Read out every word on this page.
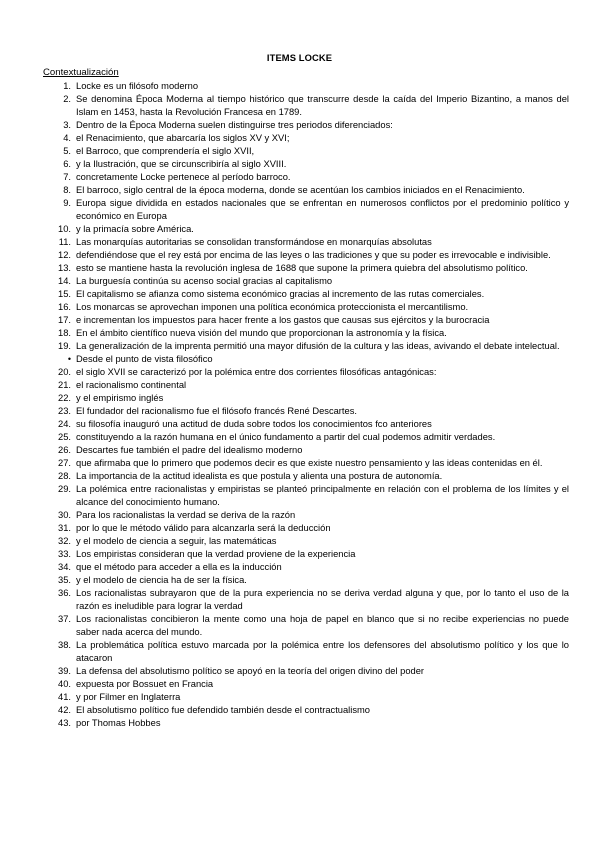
ITEMS LOCKE
Contextualización
1. Locke es un filósofo moderno
2. Se denomina Época Moderna al tiempo histórico que transcurre desde la caída del Imperio Bizantino, a manos del Islam en 1453, hasta la Revolución Francesa en 1789.
3. Dentro de la Época Moderna suelen distinguirse tres periodos diferenciados:
4. el Renacimiento, que abarcaría los siglos XV y XVI;
5. el Barroco, que comprendería el siglo XVII,
6. y la Ilustración, que se circunscribiría al siglo XVIII.
7. concretamente Locke pertenece al período barroco.
8. El barroco, siglo central de la época moderna, donde se acentúan los cambios iniciados en el Renacimiento.
9. Europa sigue dividida en estados nacionales que se enfrentan en numerosos conflictos por el predominio político y económico en Europa
10. y la primacía sobre América.
11. Las monarquías autoritarias se consolidan transformándose en monarquías absolutas
12. defendiéndose que el rey está por encima de las leyes o las tradiciones y que su poder es irrevocable e indivisible.
13. esto se mantiene hasta la revolución inglesa de 1688 que supone la primera quiebra del absolutismo político.
14. La burguesía continúa su acenso social gracias al capitalismo
15. El capitalismo se afianza como sistema económico gracias al incremento de las rutas comerciales.
16. Los monarcas se aprovechan imponen una política económica proteccionista el mercantilismo.
17. e incrementan los impuestos para hacer frente a los gastos que causas sus ejércitos y la burocracia
18. En el ámbito científico nueva visión del mundo que proporcionan la astronomía y la física.
19. La generalización de la imprenta permitió una mayor difusión de la cultura y las ideas, avivando el debate intelectual.
• Desde el punto de vista filosófico
20. el siglo XVII se caracterizó por la polémica entre dos corrientes filosóficas antagónicas:
21. el racionalismo continental
22. y el empirismo inglés
23. El fundador del racionalismo fue el filósofo francés René Descartes.
24. su filosofía inauguró una actitud de duda sobre todos los conocimientos fco anteriores
25. constituyendo a la razón humana en el único fundamento a partir del cual podemos admitir verdades.
26. Descartes fue también el padre del idealismo moderno
27. que afirmaba que lo primero que podemos decir es que existe nuestro pensamiento y las ideas contenidas en él.
28. La importancia de la actitud idealista es que postula y alienta una postura de autonomía.
29. La polémica entre racionalistas y empiristas se planteó principalmente en relación con el problema de los límites y el alcance del conocimiento humano.
30. Para los racionalistas la verdad se deriva de la razón
31. por lo que le método válido para alcanzarla será la deducción
32. y el modelo de ciencia a seguir, las matemáticas
33. Los empiristas consideran que la verdad proviene de la experiencia
34. que el método para acceder a ella es la inducción
35. y el modelo de ciencia ha de ser la física.
36. Los racionalistas subrayaron que de la pura experiencia no se deriva verdad alguna y que, por lo tanto el uso de la razón es ineludible para lograr la verdad
37. Los racionalistas concibieron la mente como una hoja de papel en blanco que si no recibe experiencias no puede saber nada acerca del mundo.
38. La problemática política estuvo marcada por la polémica entre los defensores del absolutismo político y los que lo atacaron
39. La defensa del absolutismo político se apoyó en la teoría del origen divino del poder
40. expuesta por Bossuet en Francia
41. y por Filmer en Inglaterra
42. El absolutismo político fue defendido también desde el contractualismo
43. por Thomas Hobbes
